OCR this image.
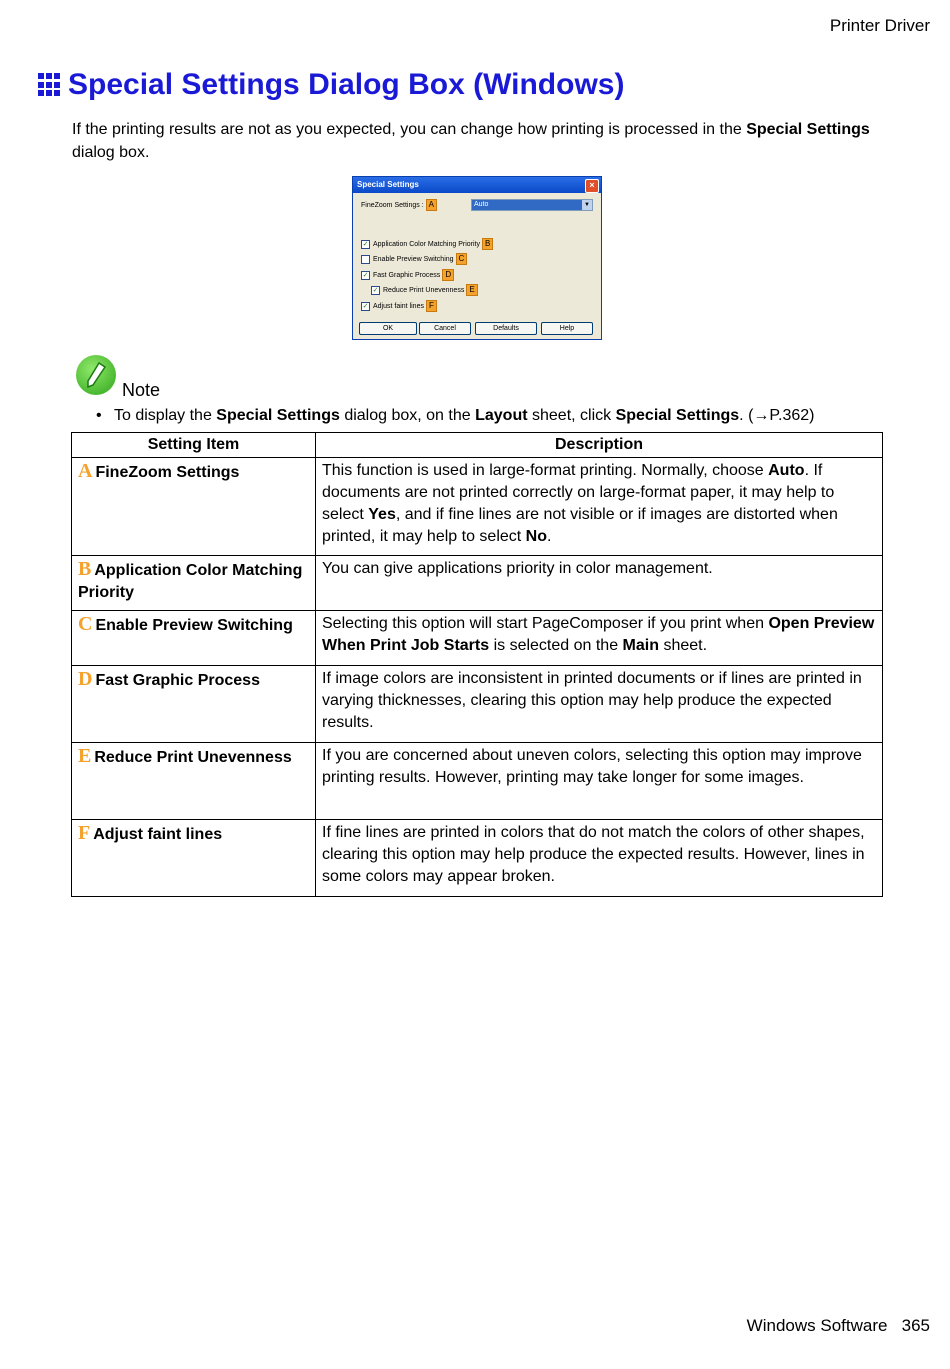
Printer Driver
Special Settings Dialog Box (Windows)
If the printing results are not as you expected, you can change how printing is processed in the Special Settings dialog box.
Special Settings	×
FineZoom Settings : A	Auto	▼
✓ Application Color Matching Priority B
Enable Preview Switching C
✓ Fast Graphic Process D
✓ Reduce Print Unevenness E
✓ Adjust faint lines F
OK	Cancel	Defaults	Help
Note
• To display the Special Settings dialog box, on the Layout sheet, click Special Settings. (→P.362)
Setting Item	Description
A FineZoom Settings	This function is used in large-format printing. Normally, choose Auto. If documents are not printed correctly on large-format paper, it may help to select Yes, and if fine lines are not visible or if images are distorted when printed, it may help to select No.
B Application Color Matching Priority	You can give applications priority in color management.
C Enable Preview Switching	Selecting this option will start PageComposer if you print when Open Preview When Print Job Starts is selected on the Main sheet.
D Fast Graphic Process	If image colors are inconsistent in printed documents or if lines are printed in varying thicknesses, clearing this option may help produce the expected results.
E Reduce Print Unevenness	If you are concerned about uneven colors, selecting this option may improve printing results. However, printing may take longer for some images.
F Adjust faint lines	If fine lines are printed in colors that do not match the colors of other shapes, clearing this option may help produce the expected results. However, lines in some colors may appear broken.
Windows Software 365
